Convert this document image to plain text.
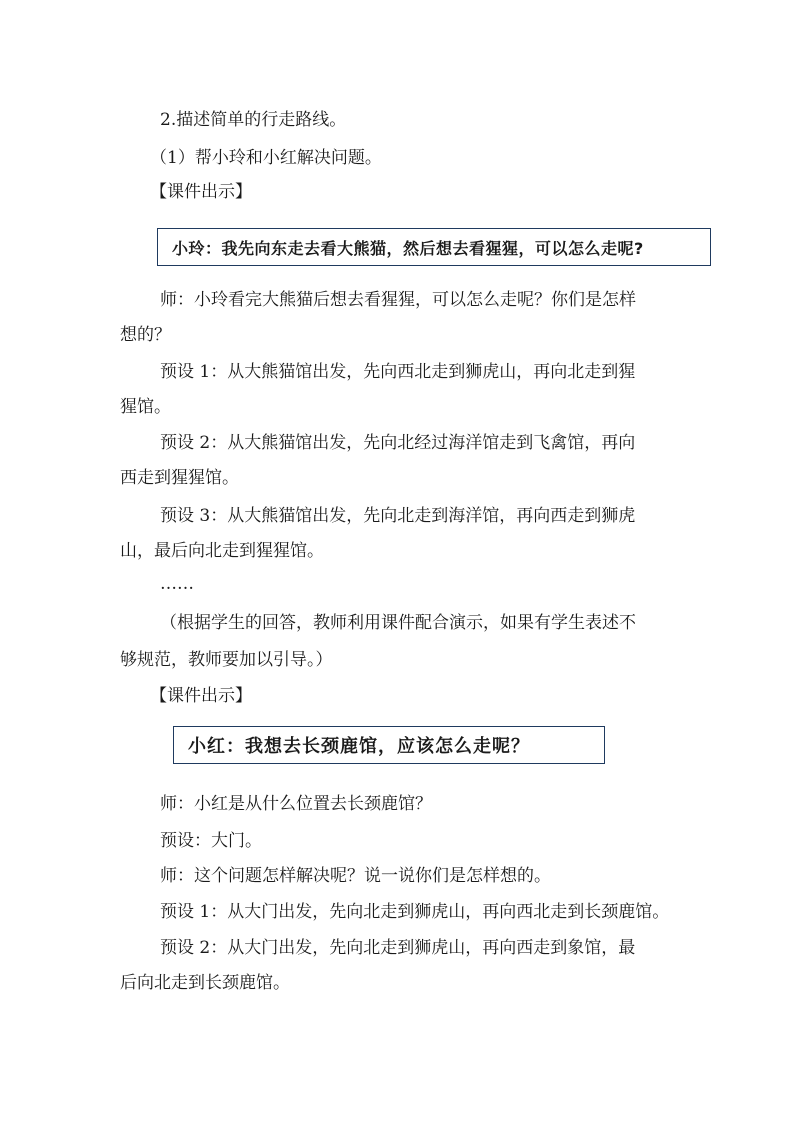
2.描述简单的行走路线。
（1）帮小玲和小红解决问题。
【课件出示】
小玲：我先向东走去看大熊猫，然后想去看猩猩，可以怎么走呢?
师：小玲看完大熊猫后想去看猩猩，可以怎么走呢？你们是怎样
想的？
预设 1：从大熊猫馆出发，先向西北走到狮虎山，再向北走到猩
猩馆。
预设 2：从大熊猫馆出发，先向北经过海洋馆走到飞禽馆，再向
西走到猩猩馆。
预设 3：从大熊猫馆出发，先向北走到海洋馆，再向西走到狮虎
山，最后向北走到猩猩馆。
……
（根据学生的回答，教师利用课件配合演示，如果有学生表述不
够规范，教师要加以引导。）
【课件出示】
小红：我想去长颈鹿馆，应该怎么走呢？
师：小红是从什么位置去长颈鹿馆？
预设：大门。
师：这个问题怎样解决呢？说一说你们是怎样想的。
预设 1：从大门出发，先向北走到狮虎山，再向西北走到长颈鹿馆。
预设 2：从大门出发，先向北走到狮虎山，再向西走到象馆，最
后向北走到长颈鹿馆。
